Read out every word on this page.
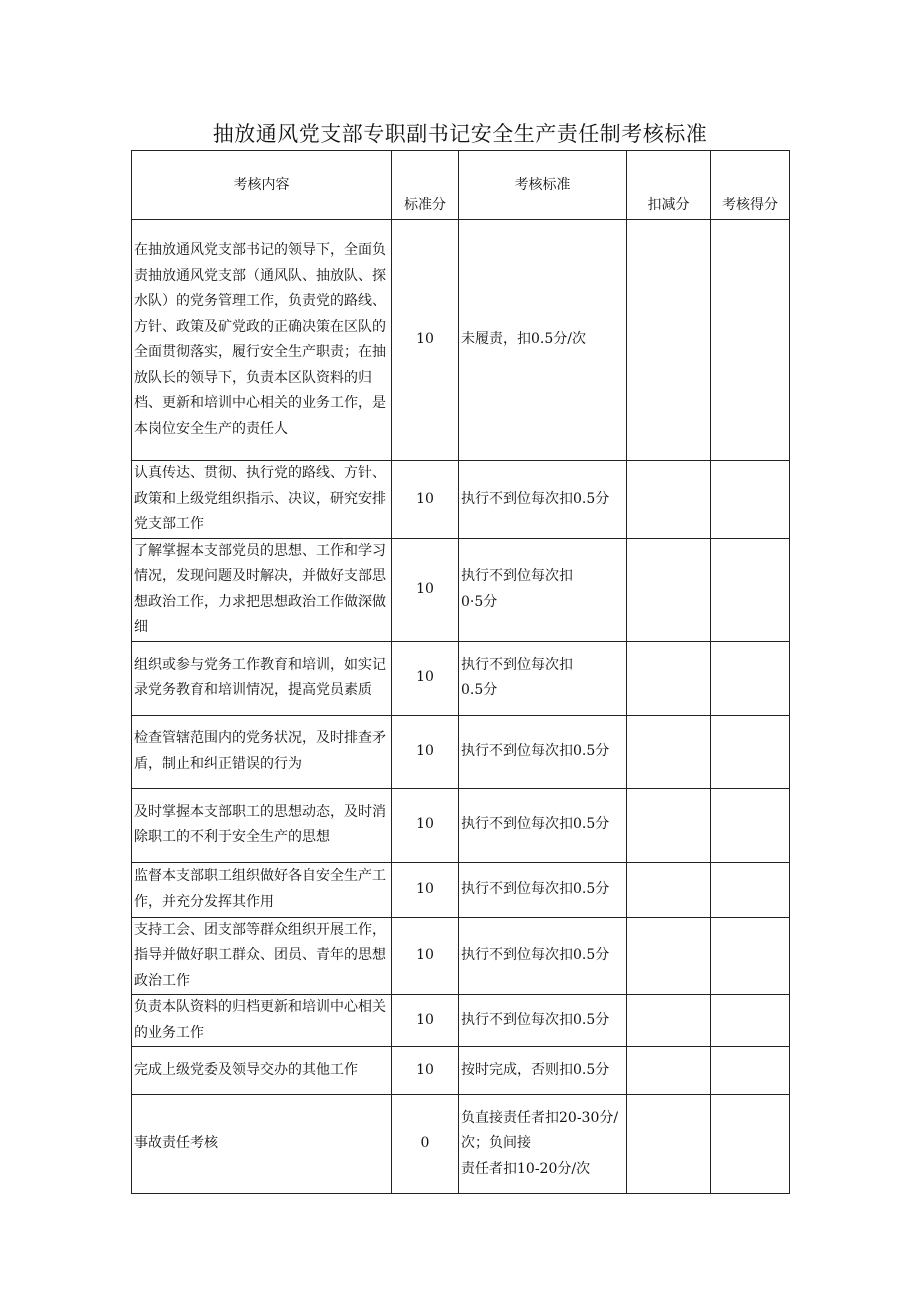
抽放通风党支部专职副书记安全生产责任制考核标准
考核内容	标准分	考核标准	扣减分	考核得分
在抽放通风党支部书记的领导下，全面负责抽放通风党支部（通风队、抽放队、探水队）的党务管理工作，负责党的路线、方针、政策及矿党政的正确决策在区队的全面贯彻落实，履行安全生产职责；在抽放队长的领导下，负责本区队资料的归档、更新和培训中心相关的业务工作，是本岗位安全生产的责任人	10	未履责，扣0.5分/次		

认真传达、贯彻、执行党的路线、方针、政策和上级党组织指示、决议，研究安排党支部工作	10	执行不到位每次扣0.5分		

了解掌握本支部党员的思想、工作和学习情况，发现问题及时解决，并做好支部思想政治工作，力求把思想政治工作做深做细	10	执行不到位每次扣
0·5分		

组织或参与党务工作教育和培训，如实记录党务教育和培训情况，提高党员素质	10	执行不到位每次扣
0.5分		

检查管辖范围内的党务状况，及时排查矛盾，制止和纠正错误的行为	10	执行不到位每次扣0.5分		

及时掌握本支部职工的思想动态，及时消除职工的不利于安全生产的思想	10	执行不到位每次扣0.5分		

监督本支部职工组织做好各自安全生产工作，并充分发挥其作用	10	执行不到位每次扣0.5分		

支持工会、团支部等群众组织开展工作，指导并做好职工群众、团员、青年的思想政治工作	10	执行不到位每次扣0.5分		

负责本队资料的归档更新和培训中心相关的业务工作	10	执行不到位每次扣0.5分		

完成上级党委及领导交办的其他工作	10	按时完成，否则扣0.5分		

事故责任考核	0	负直接责任者扣20-30分/次；负间接
责任者扣10-20分/次		
